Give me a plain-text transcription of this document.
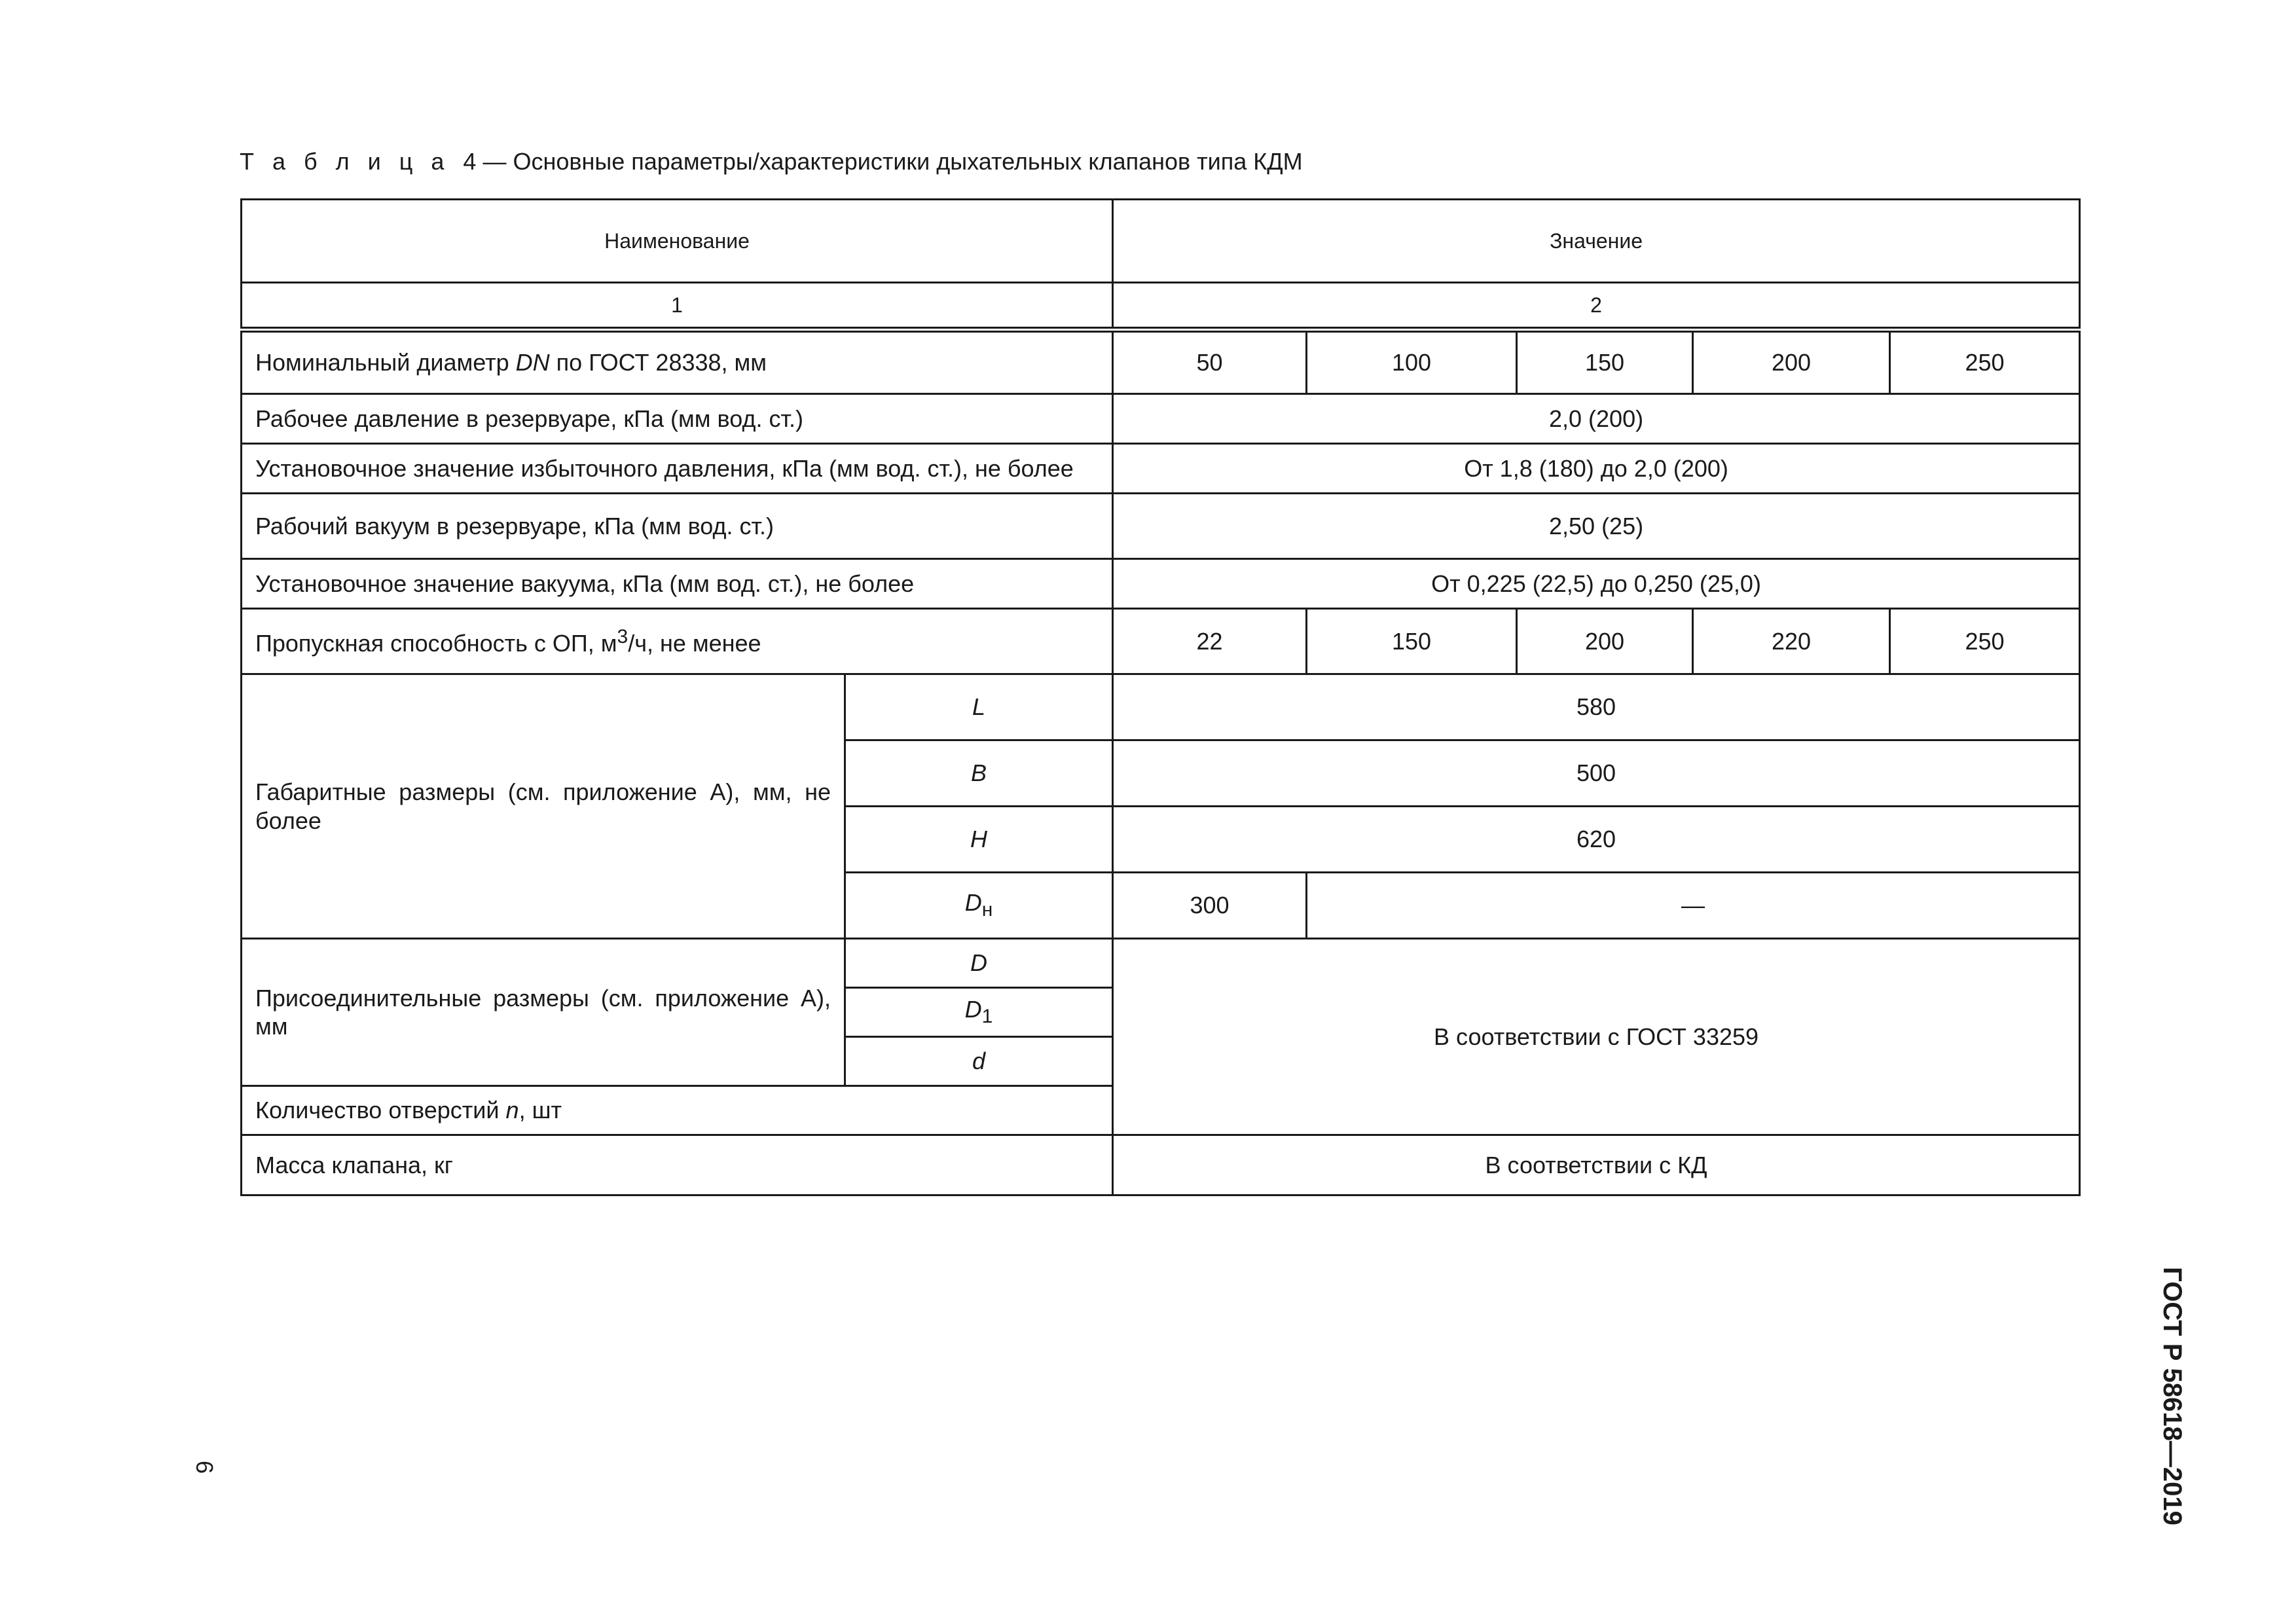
Т а б л и ц а 4 — Основные параметры/характеристики дыхательных клапанов типа КДМ
Наименование		Значение				
1		2				
Номинальный диаметр DN по ГОСТ 28338, мм		50	100	150	200	250
Рабочее давление в резервуаре, кПа (мм вод. ст.)		2,0 (200)				
Установочное значение избыточного давления, кПа (мм вод. ст.), не более		От 1,8 (180) до 2,0 (200)				
Рабочий вакуум в резервуаре, кПа (мм вод. ст.)		2,50 (25)				
Установочное значение вакуума, кПа (мм вод. ст.), не более		От 0,225 (22,5) до 0,250 (25,0)				
Пропускная способность с ОП, $м^3/ч$, не менее		22	150	200	220	250
Габаритные размеры (см. приложение А), мм, не более	L	580				
	B	500				
	H	620				
	$D_н$	300	—			
Присоединительные размеры (см. приложение А), мм	D	В соответствии с ГОСТ 33259				
	$D_1$
	d					
Количество отверстий n, шт						
Масса клапана, кг		В соответствии с КД				
6	ГОСТ Р 58618—2019
